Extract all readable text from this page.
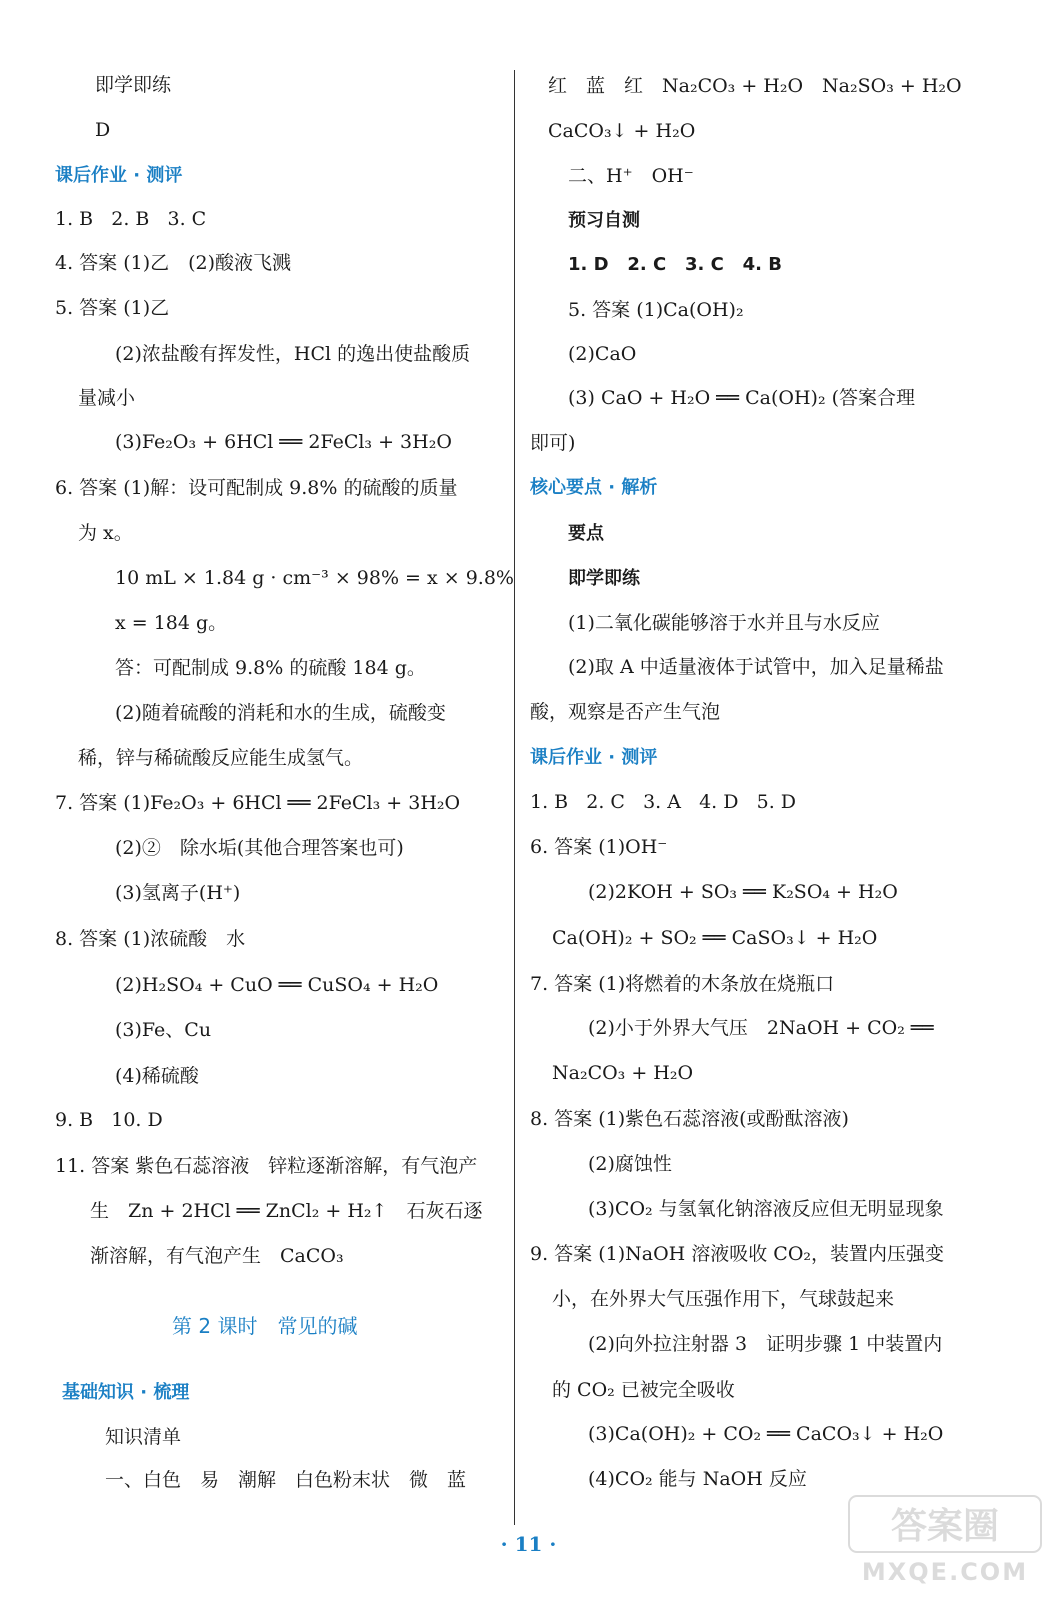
即学即练
D
课后作业 · 测评
1. B   2. B   3. C
4. 答案 (1)乙　(2)酸液飞溅
5. 答案 (1)乙
(2)浓盐酸有挥发性，HCl 的逸出使盐酸质
量减小
(3)Fe₂O₃ + 6HCl ══ 2FeCl₃ + 3H₂O
6. 答案 (1)解：设可配制成 9.8% 的硫酸的质量
为 x。
10 mL × 1.84 g · cm⁻³ × 98% = x × 9.8%
x = 184 g。
答：可配制成 9.8% 的硫酸 184 g。
(2)随着硫酸的消耗和水的生成，硫酸变
稀，锌与稀硫酸反应能生成氢气。
7. 答案 (1)Fe₂O₃ + 6HCl ══ 2FeCl₃ + 3H₂O
(2)②　除水垢(其他合理答案也可)
(3)氢离子(H⁺)
8. 答案 (1)浓硫酸　水
(2)H₂SO₄ + CuO ══ CuSO₄ + H₂O
(3)Fe、Cu
(4)稀硫酸
9. B   10. D
11. 答案 紫色石蕊溶液　锌粒逐渐溶解，有气泡产
生　Zn + 2HCl ══ ZnCl₂ + H₂↑　石灰石逐
渐溶解，有气泡产生　CaCO₃
第 2 课时　常见的碱
基础知识 · 梳理
知识清单
一、白色　易　潮解　白色粉末状　微　蓝
红　蓝　红　Na₂CO₃ + H₂O　Na₂SO₃ + H₂O
CaCO₃↓ + H₂O
二、H⁺　OH⁻
预习自测
1. D   2. C   3. C   4. B
5. 答案 (1)Ca(OH)₂
(2)CaO
(3) CaO + H₂O ══ Ca(OH)₂ (答案合理
即可)
核心要点 · 解析
要点
即学即练
(1)二氧化碳能够溶于水并且与水反应
(2)取 A 中适量液体于试管中，加入足量稀盐
酸，观察是否产生气泡
课后作业 · 测评
1. B   2. C   3. A   4. D   5. D
6. 答案 (1)OH⁻
(2)2KOH + SO₃ ══ K₂SO₄ + H₂O
Ca(OH)₂ + SO₂ ══ CaSO₃↓ + H₂O
7. 答案 (1)将燃着的木条放在烧瓶口
(2)小于外界大气压　2NaOH + CO₂ ══
Na₂CO₃ + H₂O
8. 答案 (1)紫色石蕊溶液(或酚酞溶液)
(2)腐蚀性
(3)CO₂ 与氢氧化钠溶液反应但无明显现象
9. 答案 (1)NaOH 溶液吸收 CO₂，装置内压强变
小，在外界大气压强作用下，气球鼓起来
(2)向外拉注射器 3　证明步骤 1 中装置内
的 CO₂ 已被完全吸收
(3)Ca(OH)₂ + CO₂ ══ CaCO₃↓ + H₂O
(4)CO₂ 能与 NaOH 反应
· 11 ·	答案圈
MXQE.COM
